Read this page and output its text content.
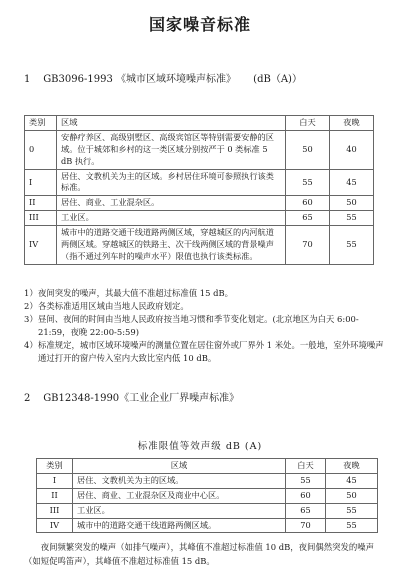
国家噪音标准
1 GB3096-1993 《城市区域环境噪声标准》 (dB（A)）
类别	区域	白天	夜晚
0	安静疗养区、高级别墅区、高级宾馆区等特别需要安静的区域。位于城郊和乡村的这一类区域分别按严于 0 类标准 5 dB 执行。	50	40
I	居住、文教机关为主的区域。乡村居住环境可参照执行该类标准。	55	45
II	居住、商业、工业混杂区。	60	50
III	工业区。	65	55
IV	城市中的道路交通干线道路两侧区域，穿越城区的内河航道两侧区域。穿越城区的铁路主、次干线两侧区域的背景噪声（指不通过列车时的噪声水平）限值也执行该类标准。	70	55
1） 夜间突发的噪声，其最大值不准超过标准值 15 dB。
2） 各类标准适用区域由当地人民政府划定。
3） 昼间、夜间的时间由当地人民政府按当地习惯和季节变化划定。(北京地区为白天 6:00-21:59，夜晚 22:00-5:59)
4） 标准规定，城市区域环境噪声的测量位置在居住窗外或厂界外 1 米处。一般地，室外环境噪声通过打开的窗户传入室内大致比室内低 10 dB。
2 GB12348-1990《工业企业厂界噪声标准》
标准限值等效声级 dB (A)
类别	区域	白天	夜晚
I	居住、文教机关为主的区域。	55	45
II	居住、商业、工业混杂区及商业中心区。	60	50
III	工业区。	65	55
IV	城市中的道路交通干线道路两侧区域。	70	55
夜间频繁突发的噪声（如排气噪声），其峰值不准超过标准值 10 dB，夜间偶然突发的噪声（如短促鸣笛声），其峰值不准超过标准值 15 dB。
